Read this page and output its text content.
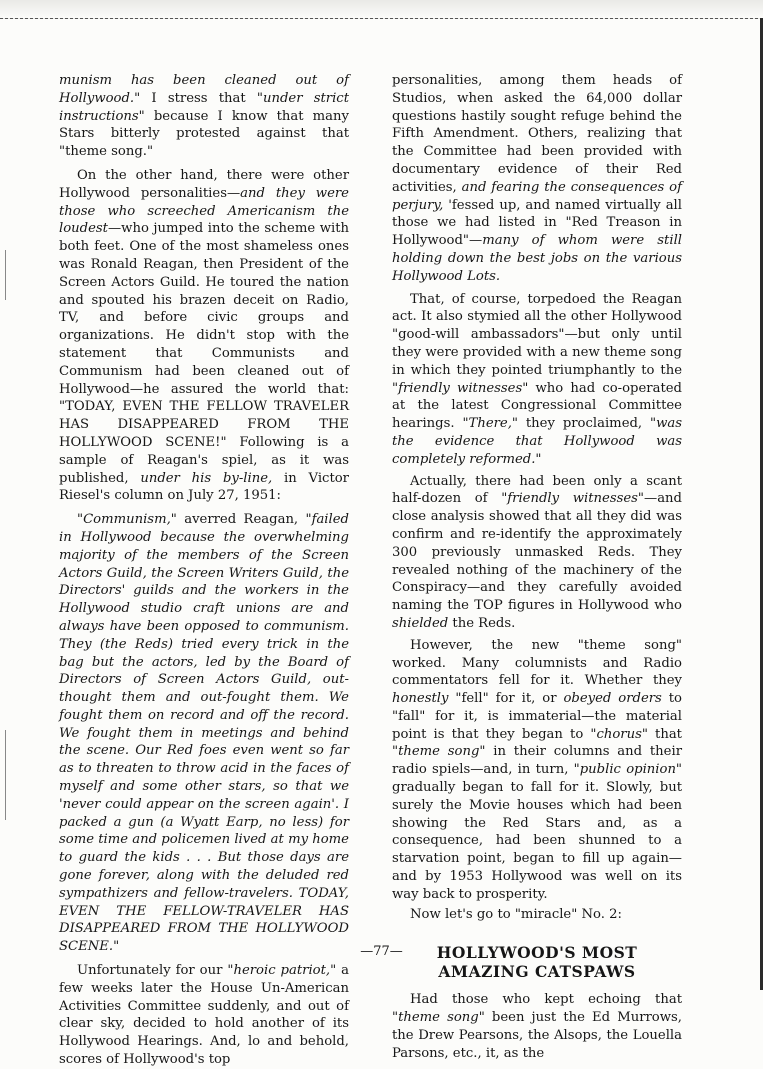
munism has been cleaned out of Hollywood." I stress that "under strict instructions" because I know that many Stars bitterly protested against that "theme song."

On the other hand, there were other Hollywood personalities—and they were those who screeched Americanism the loudest—who jumped into the scheme with both feet. One of the most shameless ones was Ronald Reagan, then President of the Screen Actors Guild. He toured the nation and spouted his brazen deceit on Radio, TV, and before civic groups and organizations. He didn't stop with the statement that Communists and Communism had been cleaned out of Hollywood—he assured the world that: "TODAY, EVEN THE FELLOW TRAVELER HAS DISAPPEARED FROM THE HOLLYWOOD SCENE!" Following is a sample of Reagan's spiel, as it was published, under his by-line, in Victor Riesel's column on July 27, 1951:

"Communism," averred Reagan, "failed in Hollywood because the overwhelming majority of the members of the Screen Actors Guild, the Screen Writers Guild, the Directors' guilds and the workers in the Hollywood studio craft unions are and always have been opposed to communism. They (the Reds) tried every trick in the bag but the actors, led by the Board of Directors of Screen Actors Guild, out-thought them and out-fought them. We fought them on record and off the record. We fought them in meetings and behind the scene. Our Red foes even went so far as to threaten to throw acid in the faces of myself and some other stars, so that we 'never could appear on the screen again'. I packed a gun (a Wyatt Earp, no less) for some time and policemen lived at my home to guard the kids . . . But those days are gone forever, along with the deluded red sympathizers and fellow-travelers. TODAY, EVEN THE FELLOW-TRAVELER HAS DISAPPEARED FROM THE HOLLYWOOD SCENE."

Unfortunately for our "heroic patriot," a few weeks later the House Un-American Activities Committee suddenly, and out of clear sky, decided to hold another of its Hollywood Hearings. And, lo and behold, scores of Hollywood's top

personalities, among them heads of Studios, when asked the 64,000 dollar questions hastily sought refuge behind the Fifth Amendment. Others, realizing that the Committee had been provided with documentary evidence of their Red activities, and fearing the consequences of perjury, 'fessed up, and named virtually all those we had listed in "Red Treason in Hollywood"—many of whom were still holding down the best jobs on the various Hollywood Lots.

That, of course, torpedoed the Reagan act. It also stymied all the other Hollywood "good-will ambassadors"—but only until they were provided with a new theme song in which they pointed triumphantly to the "friendly witnesses" who had co-operated at the latest Congressional Committee hearings. "There," they proclaimed, "was the evidence that Hollywood was completely reformed."

Actually, there had been only a scant half-dozen of "friendly witnesses"—and close analysis showed that all they did was confirm and re-identify the approximately 300 previously unmasked Reds. They revealed nothing of the machinery of the Conspiracy—and they carefully avoided naming the TOP figures in Hollywood who shielded the Reds.

However, the new "theme song" worked. Many columnists and Radio commentators fell for it. Whether they honestly "fell" for it, or obeyed orders to "fall" for it, is immaterial—the material point is that they began to "chorus" that "theme song" in their columns and their radio spiels—and, in turn, "public opinion" gradually began to fall for it. Slowly, but surely the Movie houses which had been showing the Red Stars and, as a consequence, had been shunned to a starvation point, began to fill up again—and by 1953 Hollywood was well on its way back to prosperity.

Now let's go to "miracle" No. 2:

HOLLYWOOD'S MOST
AMAZING CATSPAWS

Had those who kept echoing that "theme song" been just the Ed Murrows, the Drew Pearsons, the Alsops, the Louella Parsons, etc., it, as the

—77—
